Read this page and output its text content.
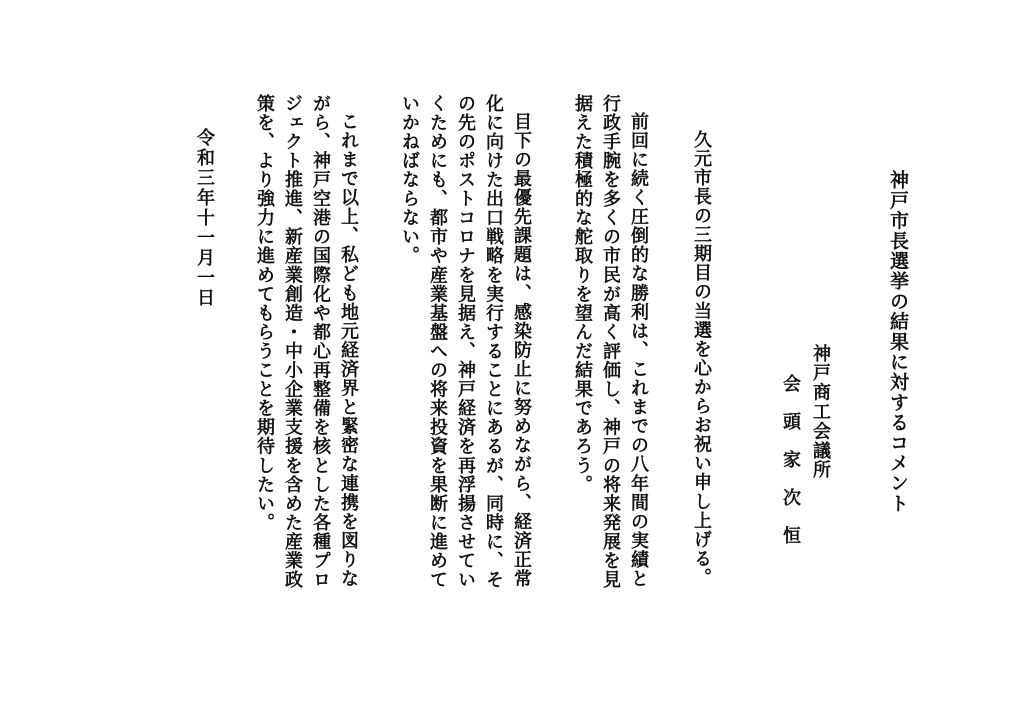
神戸市長選挙の結果に対するコメント
神戸商工会議所
会頭家次恒
久元市長の三期目の当選を心からお祝い申し上げる。
前回に続く圧倒的な勝利は、これまでの八年間の実績と
行政手腕を多くの市民が高く評価し、神戸の将来発展を見
据えた積極的な舵取りを望んだ結果であろう。
目下の最優先課題は、感染防止に努めながら、経済正常
化に向けた出口戦略を実行することにあるが、同時に、そ
の先のポストコロナを見据え、神戸経済を再浮揚させてい
くためにも、都市や産業基盤への将来投資を果断に進めて
いかねばならない。
これまで以上、私ども地元経済界と緊密な連携を図りな
がら、神戸空港の国際化や都心再整備を核とした各種プロ
ジェクト推進、新産業創造・中小企業支援を含めた産業政
策を、より強力に進めてもらうことを期待したい。
令和三年十一月一日
